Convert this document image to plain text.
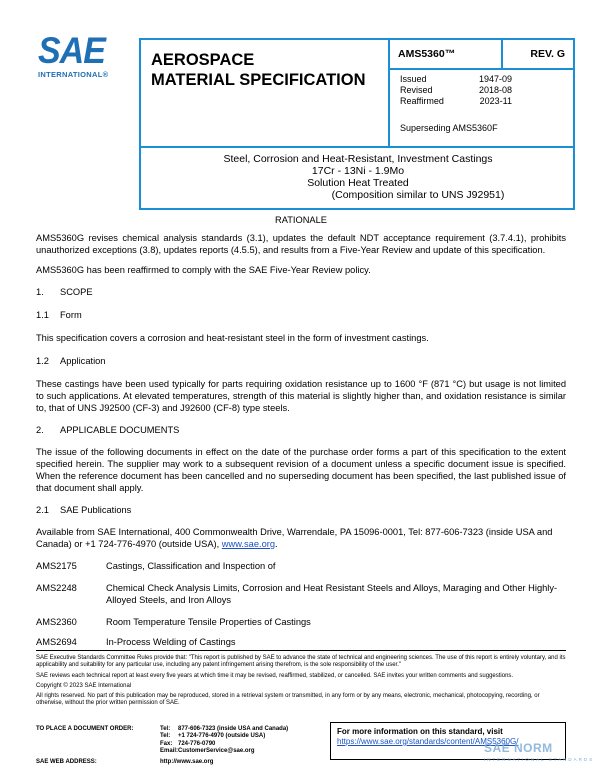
SAE
INTERNATIONAL®
AEROSPACE
MATERIAL SPECIFICATION
AMS5360™	REV. G
Issued	1947-09
Revised	2018-08
Reaffirmed	2023-11
Superseding AMS5360F
Steel, Corrosion and Heat-Resistant, Investment Castings
17Cr - 13Ni - 1.9Mo
Solution Heat Treated
(Composition similar to UNS J92951)

RATIONALE

AMS5360G revises chemical analysis standards (3.1), updates the default NDT acceptance requirement (3.7.4.1), prohibits unauthorized exceptions (3.8), updates reports (4.5.5), and results from a Five-Year Review and update of this specification.

AMS5360G has been reaffirmed to comply with the SAE Five-Year Review policy.

1.	SCOPE
1.1	Form

This specification covers a corrosion and heat-resistant steel in the form of investment castings.

1.2	Application

These castings have been used typically for parts requiring oxidation resistance up to 1600 °F (871 °C) but usage is not limited to such applications. At elevated temperatures, strength of this material is slightly higher than, and oxidation resistance is similar to, that of UNS J92500 (CF-3) and J92600 (CF-8) type steels.

2.	APPLICABLE DOCUMENTS

The issue of the following documents in effect on the date of the purchase order forms a part of this specification to the extent specified herein. The supplier may work to a subsequent revision of a document unless a specific document issue is specified. When the reference document has been cancelled and no superseding document has been specified, the last published issue of that document shall apply.

2.1	SAE Publications

Available from SAE International, 400 Commonwealth Drive, Warrendale, PA 15096-0001, Tel: 877-606-7323 (inside USA and Canada) or +1 724-776-4970 (outside USA), www.sae.org.

AMS2175	Castings, Classification and Inspection of
AMS2248	Chemical Check Analysis Limits, Corrosion and Heat Resistant Steels and Alloys, Maraging and Other Highly-Alloyed Steels, and Iron Alloys
AMS2360	Room Temperature Tensile Properties of Castings
AMS2694	In-Process Welding of Castings

SAE Executive Standards Committee Rules provide that: "This report is published by SAE to advance the state of technical and engineering sciences. The use of this report is entirely voluntary, and its applicability and suitability for any particular use, including any patent infringement arising therefrom, is the sole responsibility of the user."

SAE reviews each technical report at least every five years at which time it may be revised, reaffirmed, stabilized, or cancelled. SAE invites your written comments and suggestions.

Copyright © 2023 SAE International

All rights reserved. No part of this publication may be reproduced, stored in a retrieval system or transmitted, in any form or by any means, electronic, mechanical, photocopying, recording, or otherwise, without the prior written permission of SAE.

TO PLACE A DOCUMENT ORDER:	Tel:	877-606-7323 (inside USA and Canada)
Tel:	+1 724-776-4970 (outside USA)
Fax: 724-776-0790
Email: CustomerService@sae.org
SAE WEB ADDRESS:	http: //www.sae.org
For more information on this standard, visit
https://www.sae.org/standards/content/AMS5360G/
SAE NORM
INTERNATIONAL STANDARDS
